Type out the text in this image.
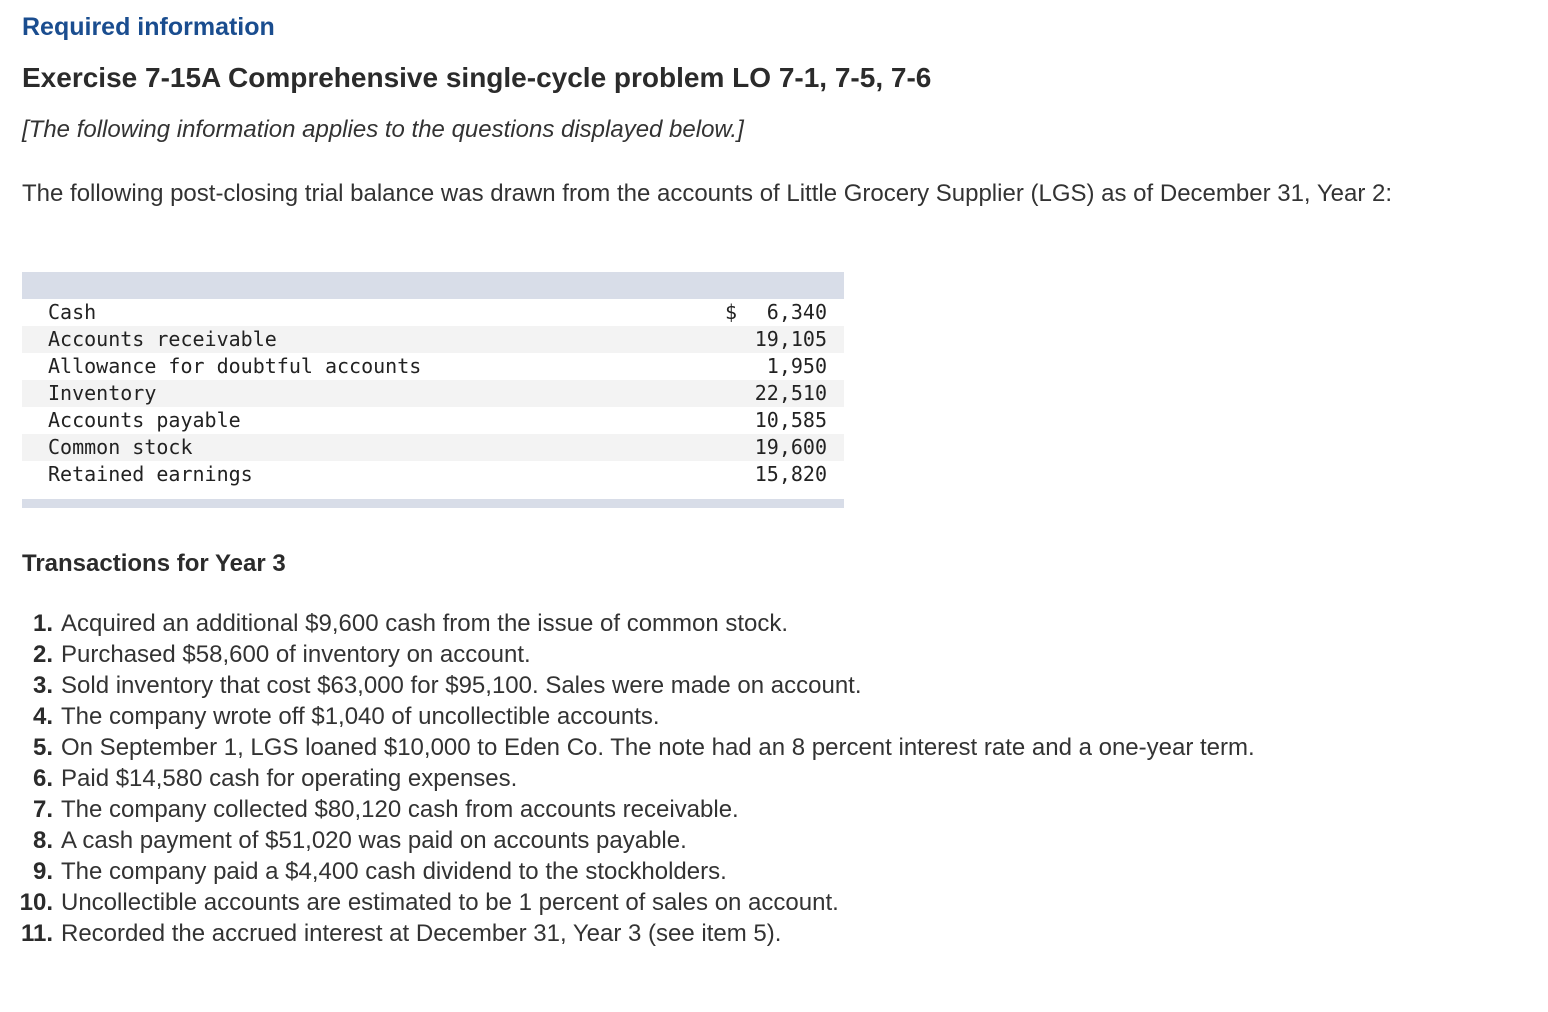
Required information
Exercise 7-15A Comprehensive single-cycle problem LO 7-1, 7-5, 7-6
[The following information applies to the questions displayed below.]
The following post-closing trial balance was drawn from the accounts of Little Grocery Supplier (LGS) as of December 31, Year 2:
Cash	$ 6,340
Accounts receivable	19,105
Allowance for doubtful accounts	1,950
Inventory	22,510
Accounts payable	10,585
Common stock	19,600
Retained earnings	15,820
Transactions for Year 3
1. Acquired an additional $9,600 cash from the issue of common stock.
2. Purchased $58,600 of inventory on account.
3. Sold inventory that cost $63,000 for $95,100. Sales were made on account.
4. The company wrote off $1,040 of uncollectible accounts.
5. On September 1, LGS loaned $10,000 to Eden Co. The note had an 8 percent interest rate and a one-year term.
6. Paid $14,580 cash for operating expenses.
7. The company collected $80,120 cash from accounts receivable.
8. A cash payment of $51,020 was paid on accounts payable.
9. The company paid a $4,400 cash dividend to the stockholders.
10. Uncollectible accounts are estimated to be 1 percent of sales on account.
11. Recorded the accrued interest at December 31, Year 3 (see item 5).
